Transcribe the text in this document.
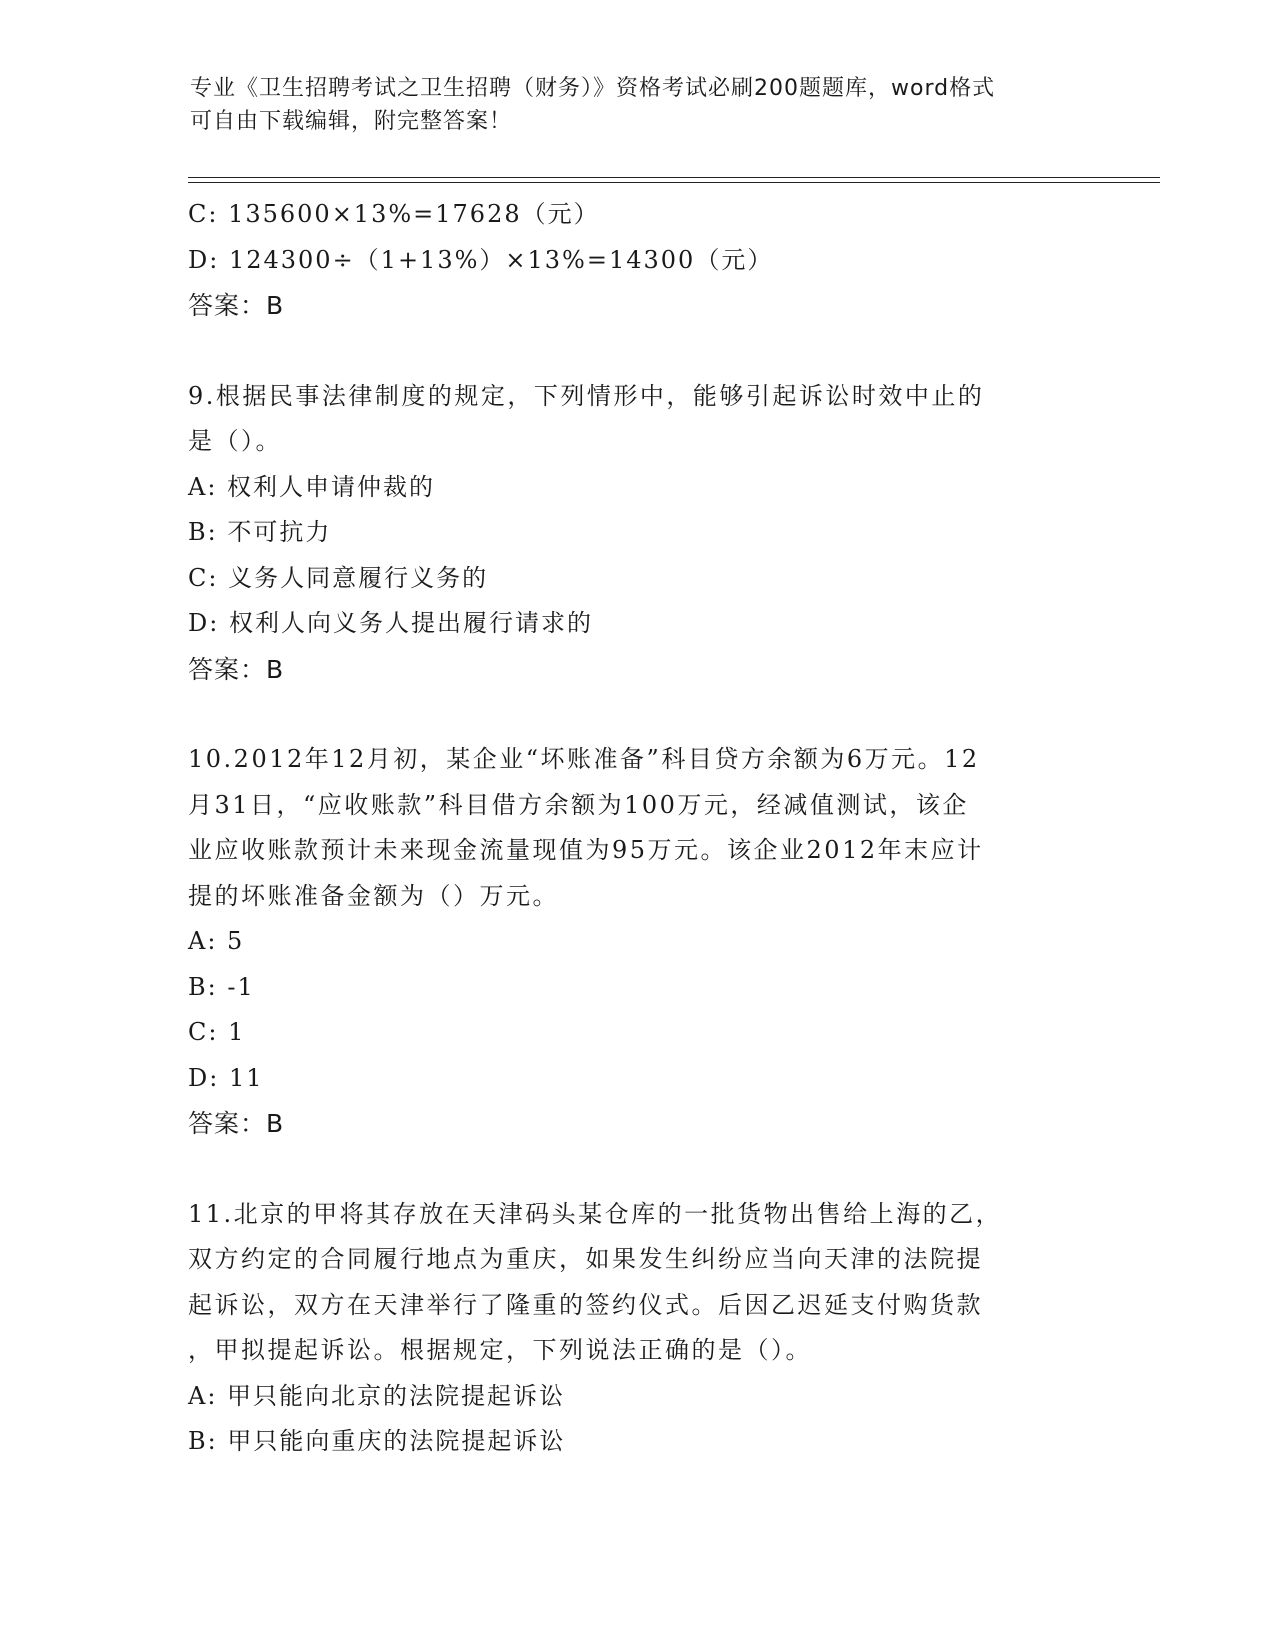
专业《卫生招聘考试之卫生招聘（财务）》资格考试必刷200题题库，word格式
可自由下载编辑，附完整答案！
C: 135600×13%=17628（元）
D: 124300÷（1+13%）×13%=14300（元）
答案：B
9.根据民事法律制度的规定，下列情形中，能够引起诉讼时效中止的
是（）。
A: 权利人申请仲裁的
B: 不可抗力
C: 义务人同意履行义务的
D: 权利人向义务人提出履行请求的
答案：B
10.2012年12月初，某企业“坏账准备”科目贷方余额为6万元。12
月31日，“应收账款”科目借方余额为100万元，经减值测试，该企
业应收账款预计未来现金流量现值为95万元。该企业2012年末应计
提的坏账准备金额为（）万元。
A: 5
B: -1
C: 1
D: 11
答案：B
11.北京的甲将其存放在天津码头某仓库的一批货物出售给上海的乙，
双方约定的合同履行地点为重庆，如果发生纠纷应当向天津的法院提
起诉讼，双方在天津举行了隆重的签约仪式。后因乙迟延支付购货款
，甲拟提起诉讼。根据规定，下列说法正确的是（）。
A: 甲只能向北京的法院提起诉讼
B: 甲只能向重庆的法院提起诉讼
